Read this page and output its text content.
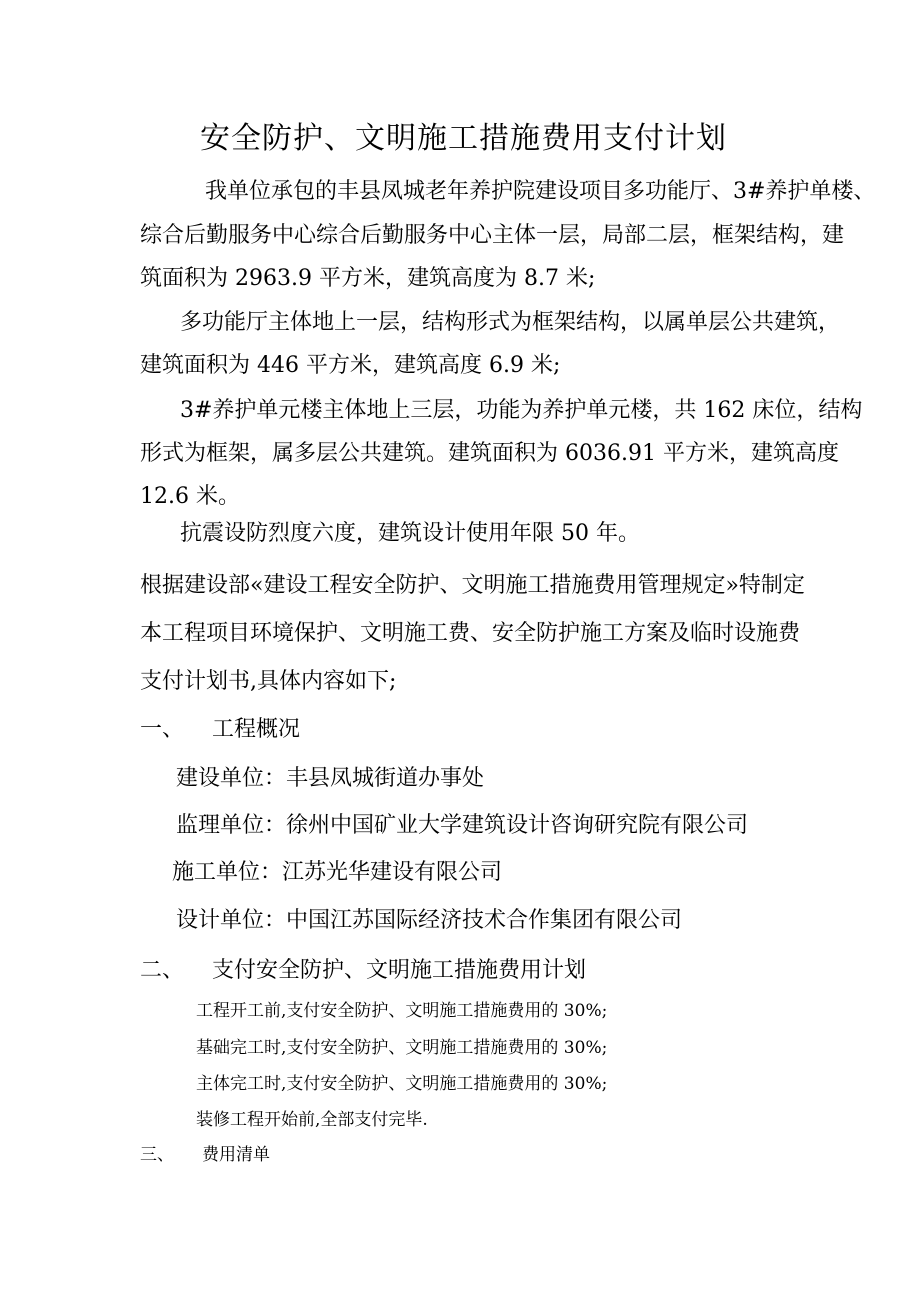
安全防护、文明施工措施费用支付计划
我单位承包的丰县凤城老年养护院建设项目多功能厅、3#养护单楼、
综合后勤服务中心综合后勤服务中心主体一层，局部二层，框架结构，建
筑面积为 2963.9 平方米，建筑高度为 8.7 米;
多功能厅主体地上一层，结构形式为框架结构，以属单层公共建筑，
建筑面积为 446 平方米，建筑高度 6.9 米;
3#养护单元楼主体地上三层，功能为养护单元楼，共 162 床位，结构
形式为框架，属多层公共建筑。建筑面积为 6036.91 平方米，建筑高度
12.6 米。
抗震设防烈度六度，建筑设计使用年限 50 年。
根据建设部«建设工程安全防护、文明施工措施费用管理规定»特制定
本工程项目环境保护、文明施工费、安全防护施工方案及临时设施费
支付计划书,具体内容如下;
一、 工程概况
建设单位：丰县凤城街道办事处
监理单位：徐州中国矿业大学建筑设计咨询研究院有限公司
施工单位：江苏光华建设有限公司
设计单位：中国江苏国际经济技术合作集团有限公司
二、 支付安全防护、文明施工措施费用计划
工程开工前,支付安全防护、文明施工措施费用的 30%;
基础完工时,支付安全防护、文明施工措施费用的 30%;
主体完工时,支付安全防护、文明施工措施费用的 30%;
装修工程开始前,全部支付完毕.
三、 费用清单
